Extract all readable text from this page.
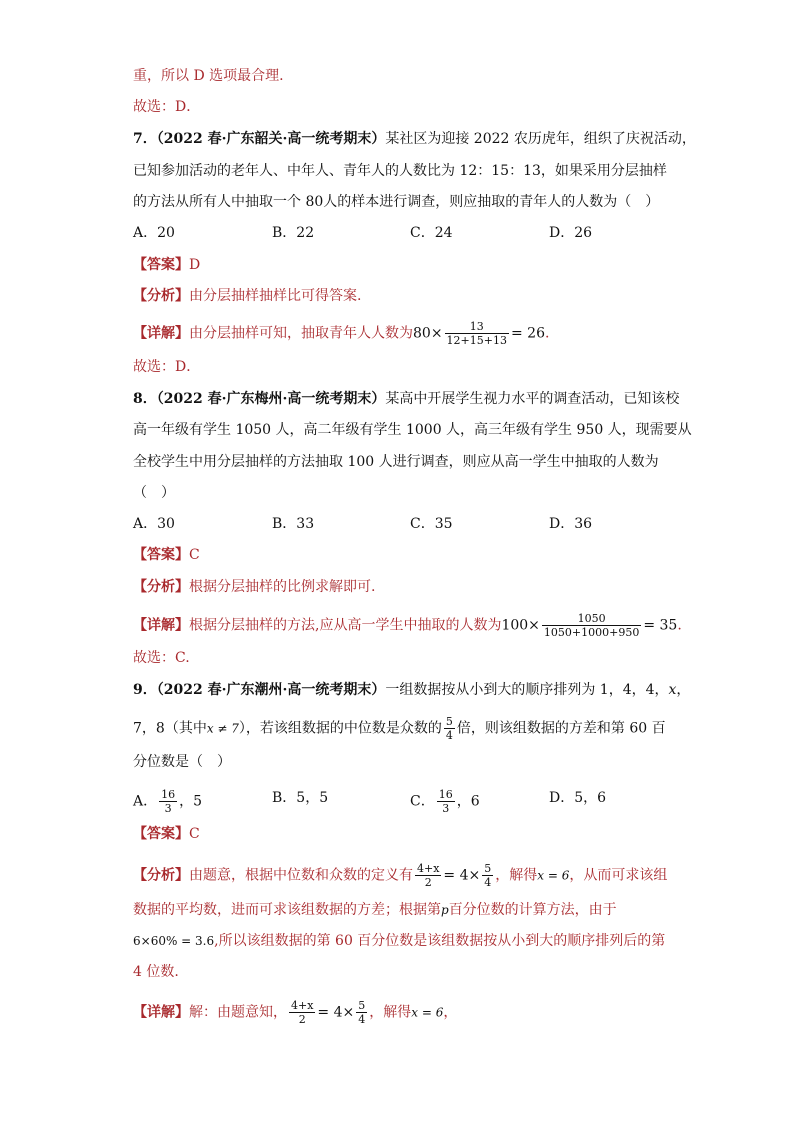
重，所以 D 选项最合理.
故选：D．
7．（2022 春·广东韶关·高一统考期末）某社区为迎接 2022 农历虎年，组织了庆祝活动，
已知参加活动的老年人、中年人、青年人的人数比为 12：15：13，如果采用分层抽样
的方法从所有人中抽取一个 80人的样本进行调查，则应抽取的青年人的人数为（　）
A．20	B．22	C．24	D．26
【答案】D
【分析】由分层抽样抽样比可得答案.
【详解】由分层抽样可知，抽取青年人人数为$80\times \frac{13}{12+15+13} = 26$.
故选：D．
8．（2022 春·广东梅州·高一统考期末）某高中开展学生视力水平的调查活动，已知该校
高一年级有学生 1050 人，高二年级有学生 1000 人，高三年级有学生 950 人，现需要从
全校学生中用分层抽样的方法抽取 100 人进行调查，则应从高一学生中抽取的人数为
（　）
A．30	B．33	C．35	D．36
【答案】C
【分析】根据分层抽样的比例求解即可.
【详解】根据分层抽样的方法,应从高一学生中抽取的人数为$100\times \frac{1050}{1050+1000+950} = 35$.
故选：C.
9．（2022 春·广东潮州·高一统考期末）一组数据按从小到大的顺序排列为 1，4，4，x，
7，8（其中x ≠ 7），若该组数据的中位数是众数的 $\frac{5}{4}$ 倍，则该组数据的方差和第 60 百
分位数是（　）
A． $\frac{16}{3}$ ，5	B．5，5	C． $\frac{16}{3}$ ，6	D．5，6
【答案】C
【分析】由题意，根据中位数和众数的定义有 $\frac{4+x}{2} = 4\times \frac{5}{4}$ ，解得x = 6，从而可求该组
数据的平均数，进而可求该组数据的方差；根据第p百分位数的计算方法，由于
6×60% = 3.6,所以该组数据的第 60 百分位数是该组数据按从小到大的顺序排列后的第
4 位数.
【详解】解：由题意知， $\frac{4+x}{2} = 4\times \frac{5}{4}$ ，解得x = 6，
